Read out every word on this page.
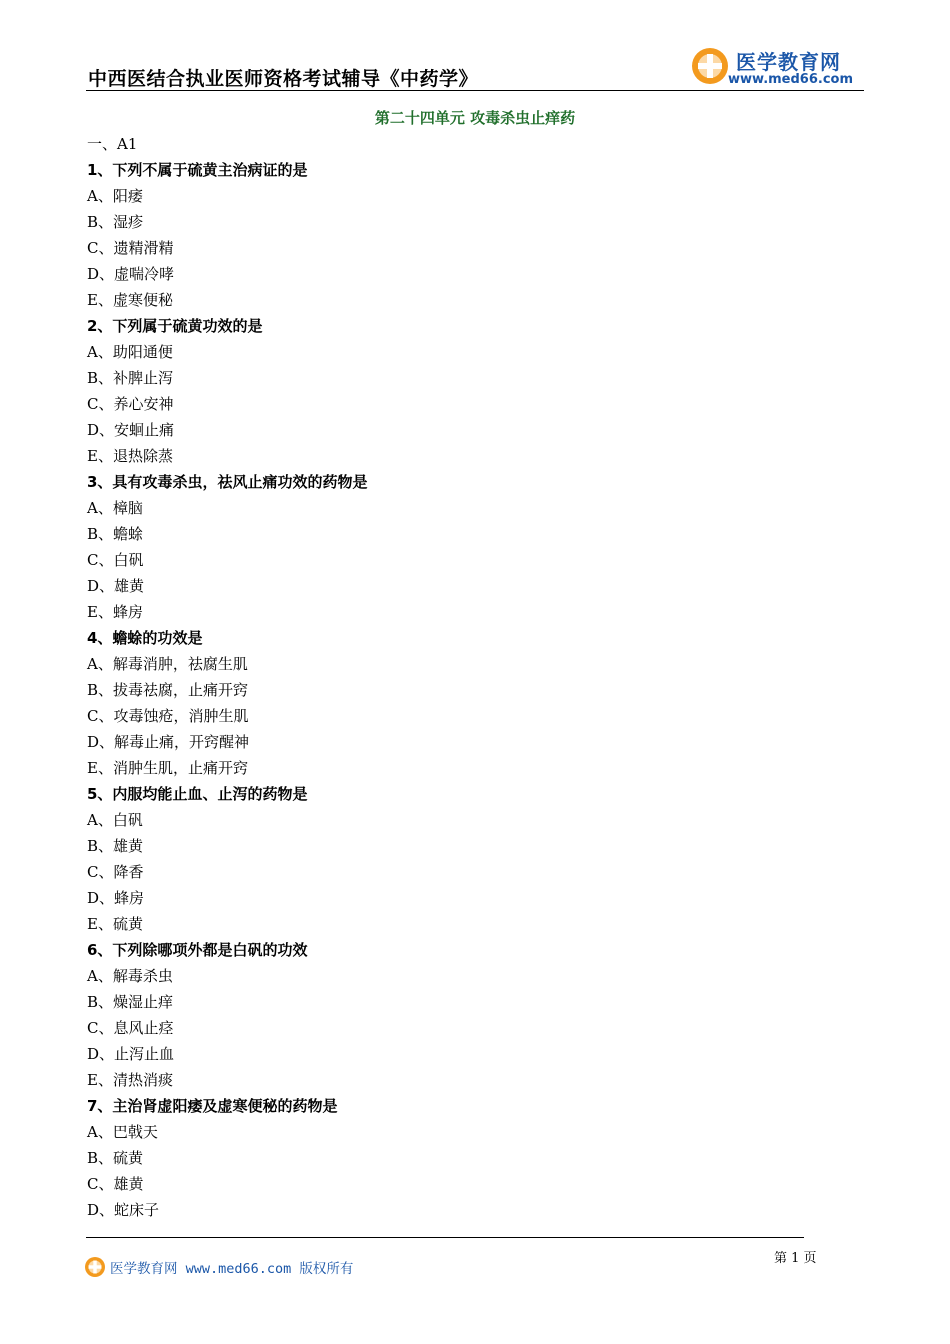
中西医结合执业医师资格考试辅导《中药学》
医学教育网
www.med66.com
第二十四单元 攻毒杀虫止痒药
一、A1
1、下列不属于硫黄主治病证的是
A、阳痿
B、湿疹
C、遗精滑精
D、虚喘冷哮
E、虚寒便秘
2、下列属于硫黄功效的是
A、助阳通便
B、补脾止泻
C、养心安神
D、安蛔止痛
E、退热除蒸
3、具有攻毒杀虫，祛风止痛功效的药物是
A、樟脑
B、蟾蜍
C、白矾
D、雄黄
E、蜂房
4、蟾蜍的功效是
A、解毒消肿，祛腐生肌
B、拔毒祛腐，止痛开窍
C、攻毒蚀疮，消肿生肌
D、解毒止痛，开窍醒神
E、消肿生肌，止痛开窍
5、内服均能止血、止泻的药物是
A、白矾
B、雄黄
C、降香
D、蜂房
E、硫黄
6、下列除哪项外都是白矾的功效
A、解毒杀虫
B、燥湿止痒
C、息风止痉
D、止泻止血
E、清热消痰
7、主治肾虚阳痿及虚寒便秘的药物是
A、巴戟天
B、硫黄
C、雄黄
D、蛇床子
第 1 页
医学教育网 www.med66.com 版权所有
